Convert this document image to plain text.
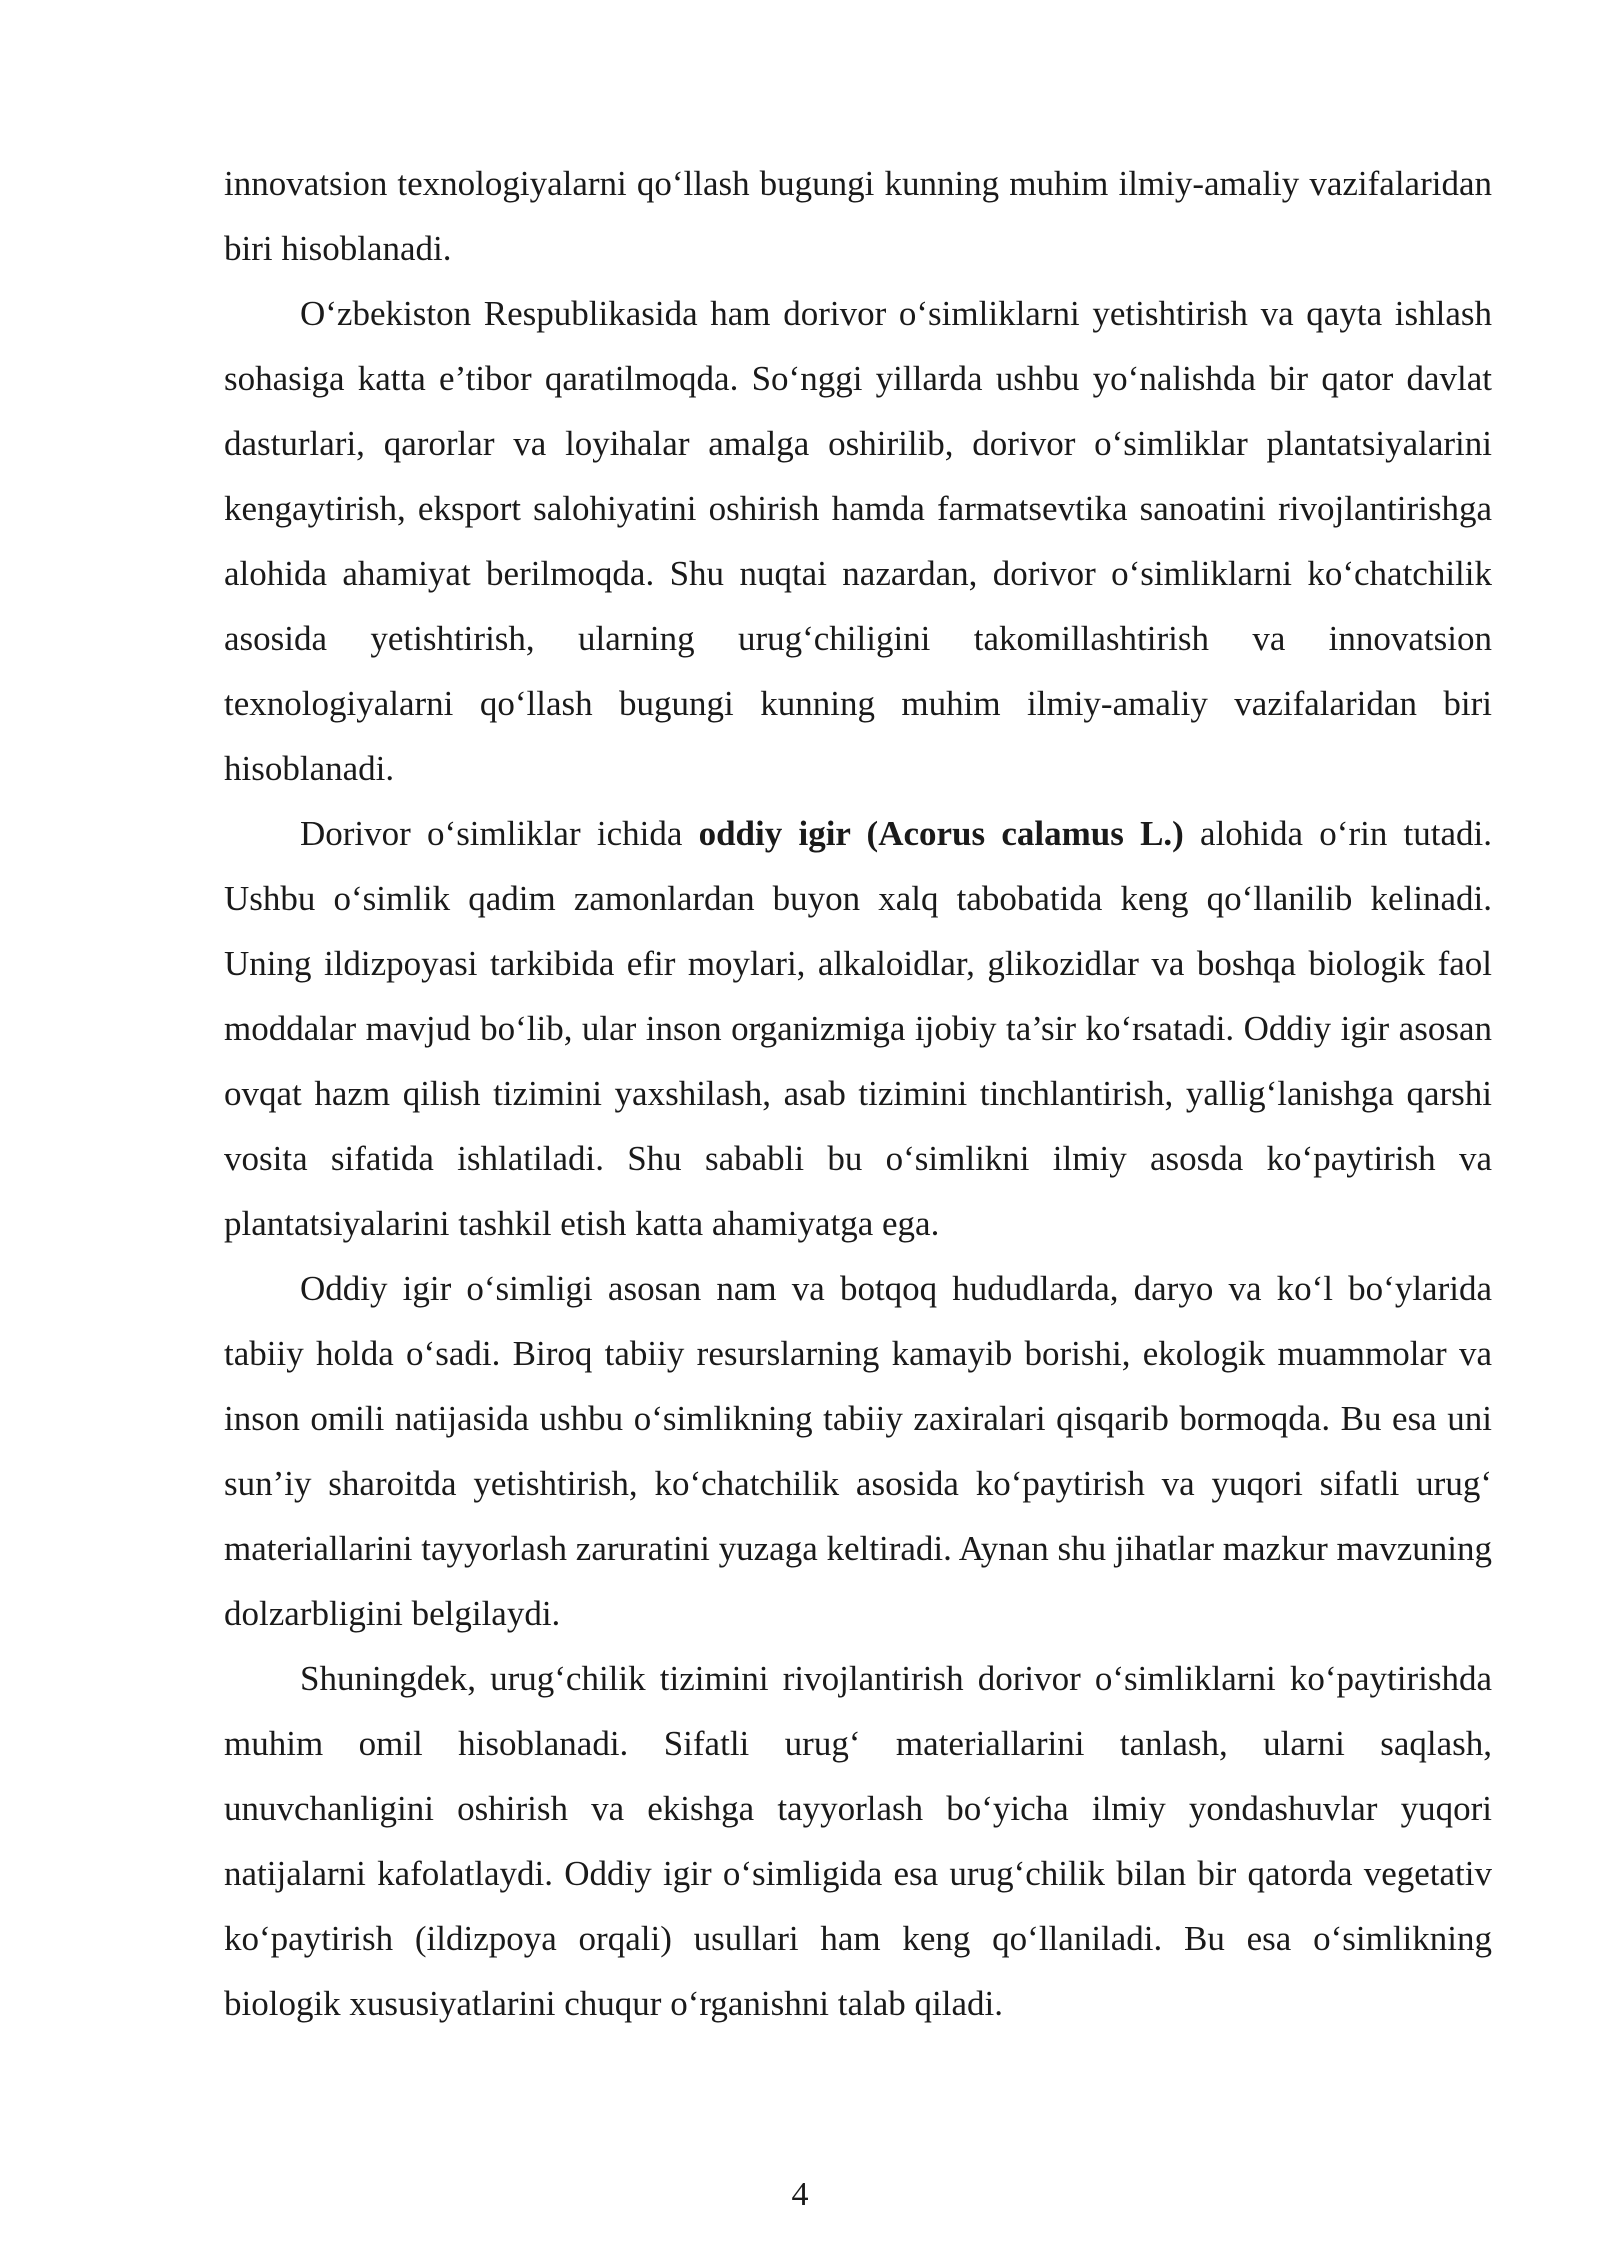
innovatsion texnologiyalarni qo‘llash bugungi kunning muhim ilmiy-amaliy vazifalaridan biri hisoblanadi.

O‘zbekiston Respublikasida ham dorivor o‘simliklarni yetishtirish va qayta ishlash sohasiga katta e’tibor qaratilmoqda. So‘nggi yillarda ushbu yo‘nalishda bir qator davlat dasturlari, qarorlar va loyihalar amalga oshirilib, dorivor o‘simliklar plantatsiyalarini kengaytirish, eksport salohiyatini oshirish hamda farmatsevtika sanoatini rivojlantirishga alohida ahamiyat berilmoqda. Shu nuqtai nazardan, dorivor o‘simliklarni ko‘chatchilik asosida yetishtirish, ularning urug‘chiligini takomillashtirish va innovatsion texnologiyalarni qo‘llash bugungi kunning muhim ilmiy-amaliy vazifalaridan biri hisoblanadi.

Dorivor o‘simliklar ichida oddiy igir (Acorus calamus L.) alohida o‘rin tutadi. Ushbu o‘simlik qadim zamonlardan buyon xalq tabobatida keng qo‘llanilib kelinadi. Uning ildizpoyasi tarkibida efir moylari, alkaloidlar, glikozidlar va boshqa biologik faol moddalar mavjud bo‘lib, ular inson organizmiga ijobiy ta’sir ko‘rsatadi. Oddiy igir asosan ovqat hazm qilish tizimini yaxshilash, asab tizimini tinchlantirish, yallig‘lanishga qarshi vosita sifatida ishlatiladi. Shu sababli bu o‘simlikni ilmiy asosda ko‘paytirish va plantatsiyalarini tashkil etish katta ahamiyatga ega.

Oddiy igir o‘simligi asosan nam va botqoq hududlarda, daryo va ko‘l bo‘ylarida tabiiy holda o‘sadi. Biroq tabiiy resurslarning kamayib borishi, ekologik muammolar va inson omili natijasida ushbu o‘simlikning tabiiy zaxiralari qisqarib bormoqda. Bu esa uni sun’iy sharoitda yetishtirish, ko‘chatchilik asosida ko‘paytirish va yuqori sifatli urug‘ materiallarini tayyorlash zaruratini yuzaga keltiradi. Aynan shu jihatlar mazkur mavzuning dolzarbligini belgilaydi.

Shuningdek, urug‘chilik tizimini rivojlantirish dorivor o‘simliklarni ko‘paytirishda muhim omil hisoblanadi. Sifatli urug‘ materiallarini tanlash, ularni saqlash, unuvchanligini oshirish va ekishga tayyorlash bo‘yicha ilmiy yondashuvlar yuqori natijalarni kafolatlaydi. Oddiy igir o‘simligida esa urug‘chilik bilan bir qatorda vegetativ ko‘paytirish (ildizpoya orqali) usullari ham keng qo‘llaniladi. Bu esa o‘simlikning biologik xususiyatlarini chuqur o‘rganishni talab qiladi.

4
